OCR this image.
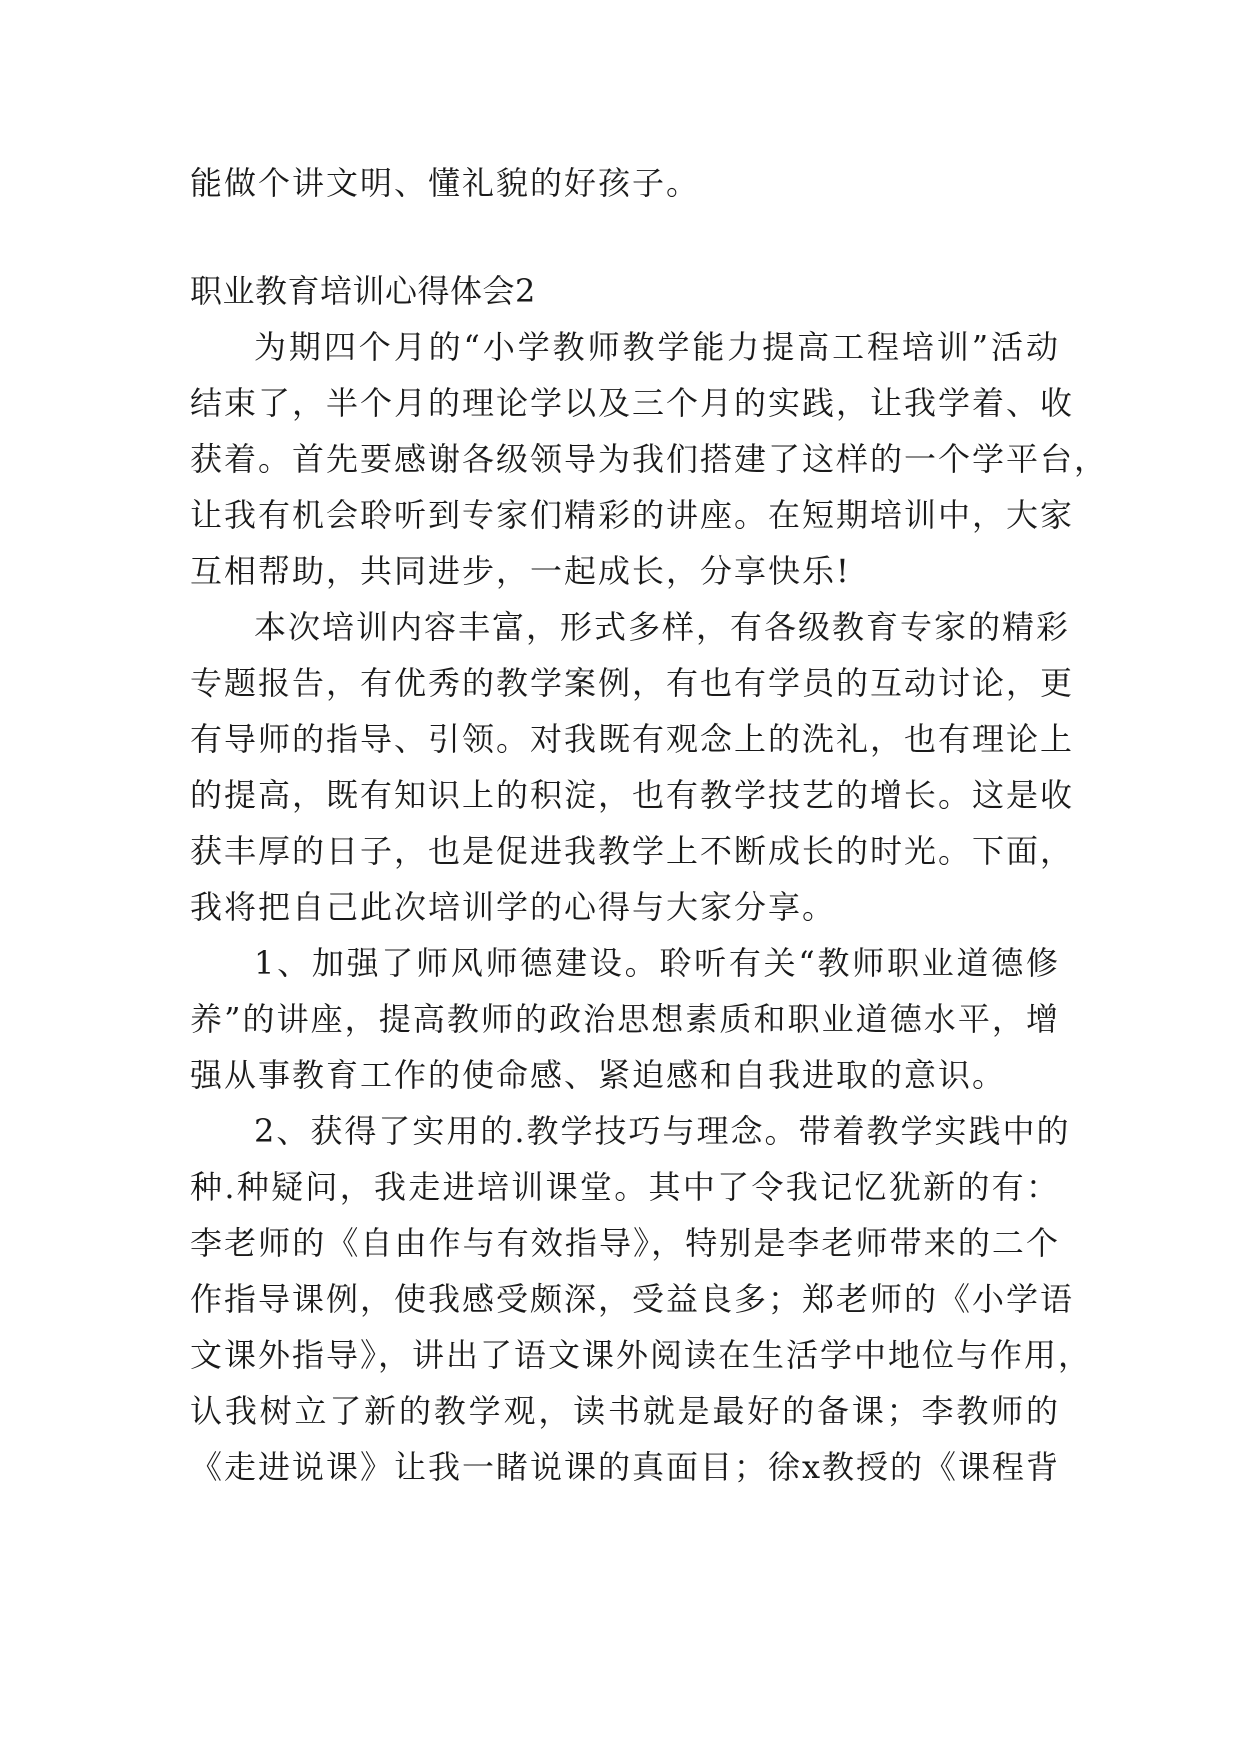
能做个讲文明、懂礼貌的好孩子。
职业教育培训心得体会2
为期四个月的“小学教师教学能力提高工程培训”活动
结束了，半个月的理论学以及三个月的实践，让我学着、收
获着。首先要感谢各级领导为我们搭建了这样的一个学平台，
让我有机会聆听到专家们精彩的讲座。在短期培训中，大家
互相帮助，共同进步，一起成长，分享快乐!
本次培训内容丰富，形式多样，有各级教育专家的精彩
专题报告，有优秀的教学案例，有也有学员的互动讨论，更
有导师的指导、引领。对我既有观念上的洗礼，也有理论上
的提高，既有知识上的积淀，也有教学技艺的增长。这是收
获丰厚的日子，也是促进我教学上不断成长的时光。下面，
我将把自己此次培训学的心得与大家分享。
1、加强了师风师德建设。聆听有关“教师职业道德修
养”的讲座，提高教师的政治思想素质和职业道德水平，增
强从事教育工作的使命感、紧迫感和自我进取的意识。
2、获得了实用的.教学技巧与理念。带着教学实践中的
种.种疑问，我走进培训课堂。其中了令我记忆犹新的有：
李老师的《自由作与有效指导》，特别是李老师带来的二个
作指导课例，使我感受颇深，受益良多；郑老师的《小学语
文课外指导》，讲出了语文课外阅读在生活学中地位与作用，
认我树立了新的教学观，读书就是最好的备课；李教师的
《走进说课》让我一睹说课的真面目；徐x教授的《课程背
